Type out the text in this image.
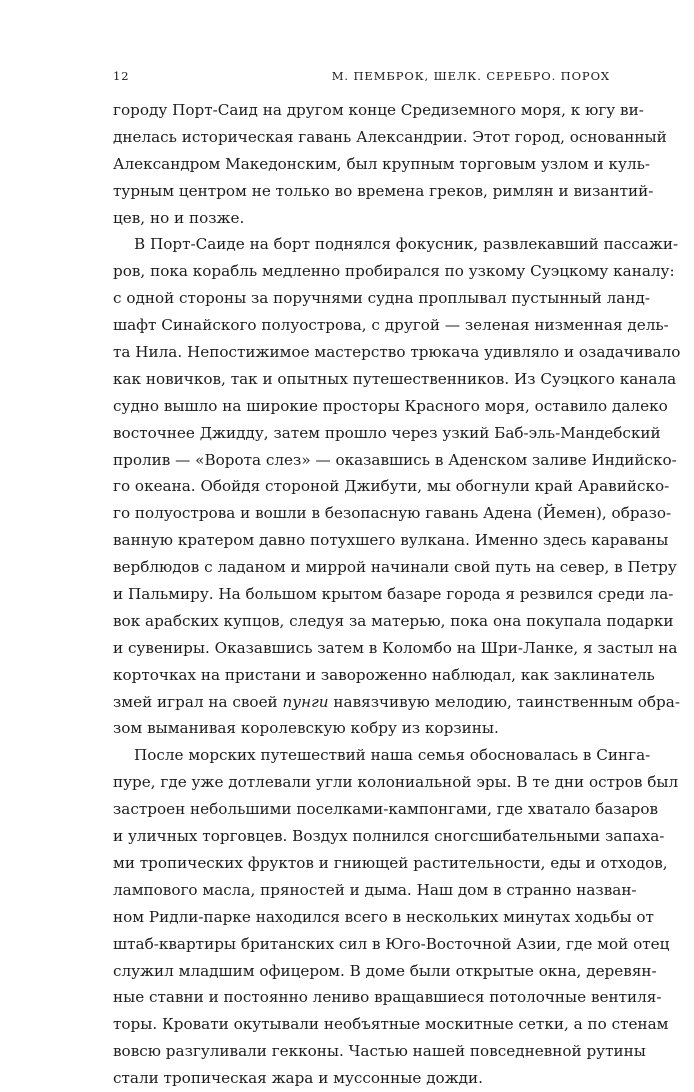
12	М. ПЕМБРОК, ШЕЛК. СЕРЕБРО. ПОРОХ
городу Порт-Саид на другом конце Средиземного моря, к югу ви-
днелась историческая гавань Александрии. Этот город, основанный
Александром Македонским, был крупным торговым узлом и куль-
турным центром не только во времена греков, римлян и византий-
цев, но и позже.
В Порт-Саиде на борт поднялся фокусник, развлекавший пассажи-
ров, пока корабль медленно пробирался по узкому Суэцкому каналу:
с одной стороны за поручнями судна проплывал пустынный ланд-
шафт Синайского полуострова, с другой — зеленая низменная дель-
та Нила. Непостижимое мастерство трюкача удивляло и озадачивало
как новичков, так и опытных путешественников. Из Суэцкого канала
судно вышло на широкие просторы Красного моря, оставило далеко
восточнее Джидду, затем прошло через узкий Баб-эль-Мандебский
пролив — «Ворота слез» — оказавшись в Аденском заливе Индийско-
го океана. Обойдя стороной Джибути, мы обогнули край Аравийско-
го полуострова и вошли в безопасную гавань Адена (Йемен), образо-
ванную кратером давно потухшего вулкана. Именно здесь караваны
верблюдов с ладаном и миррой начинали свой путь на север, в Петру
и Пальмиру. На большом крытом базаре города я резвился среди ла-
вок арабских купцов, следуя за матерью, пока она покупала подарки
и сувениры. Оказавшись затем в Коломбо на Шри-Ланке, я застыл на
корточках на пристани и завороженно наблюдал, как заклинатель
змей играл на своей пунги навязчивую мелодию, таинственным обра-
зом выманивая королевскую кобру из корзины.
После морских путешествий наша семья обосновалась в Синга-
пуре, где уже дотлевали угли колониальной эры. В те дни остров был
застроен небольшими поселками-кампонгами, где хватало базаров
и уличных торговцев. Воздух полнился сногсшибательными запаха-
ми тропических фруктов и гниющей растительности, еды и отходов,
лампового масла, пряностей и дыма. Наш дом в странно назван-
ном Ридли-парке находился всего в нескольких минутах ходьбы от
штаб-квартиры британских сил в Юго-Восточной Азии, где мой отец
служил младшим офицером. В доме были открытые окна, деревян-
ные ставни и постоянно лениво вращавшиеся потолочные вентиля-
торы. Кровати окутывали необъятные москитные сетки, а по стенам
вовсю разгуливали гекконы. Частью нашей повседневной рутины
стали тропическая жара и муссонные дожди.
